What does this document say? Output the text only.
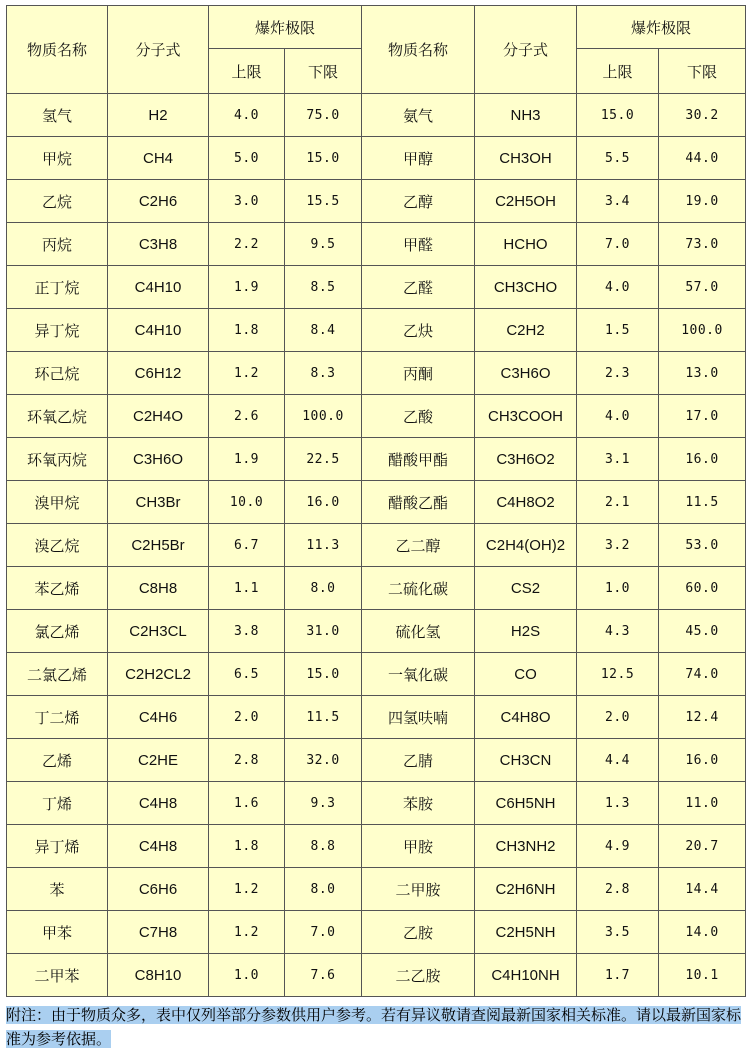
物质名称	分子式	爆炸极限		物质名称	分子式	爆炸极限	
		上限	下限			上限	下限
氢气	H2	4.0	75.0	氨气	NH3	15.0	30.2
甲烷	CH4	5.0	15.0	甲醇	CH3OH	5.5	44.0
乙烷	C2H6	3.0	15.5	乙醇	C2H5OH	3.4	19.0
丙烷	C3H8	2.2	9.5	甲醛	HCHO	7.0	73.0
正丁烷	C4H10	1.9	8.5	乙醛	CH3CHO	4.0	57.0
异丁烷	C4H10	1.8	8.4	乙炔	C2H2	1.5	100.0
环己烷	C6H12	1.2	8.3	丙酮	C3H6O	2.3	13.0
环氧乙烷	C2H4O	2.6	100.0	乙酸	CH3COOH	4.0	17.0
环氧丙烷	C3H6O	1.9	22.5	醋酸甲酯	C3H6O2	3.1	16.0
溴甲烷	CH3Br	10.0	16.0	醋酸乙酯	C4H8O2	2.1	11.5
溴乙烷	C2H5Br	6.7	11.3	乙二醇	C2H4(OH)2	3.2	53.0
苯乙烯	C8H8	1.1	8.0	二硫化碳	CS2	1.0	60.0
氯乙烯	C2H3CL	3.8	31.0	硫化氢	H2S	4.3	45.0
二氯乙烯	C2H2CL2	6.5	15.0	一氧化碳	CO	12.5	74.0
丁二烯	C4H6	2.0	11.5	四氢呋喃	C4H8O	2.0	12.4
乙烯	C2HE	2.8	32.0	乙腈	CH3CN	4.4	16.0
丁烯	C4H8	1.6	9.3	苯胺	C6H5NH	1.3	11.0
异丁烯	C4H8	1.8	8.8	甲胺	CH3NH2	4.9	20.7
苯	C6H6	1.2	8.0	二甲胺	C2H6NH	2.8	14.4
甲苯	C7H8	1.2	7.0	乙胺	C2H5NH	3.5	14.0
二甲苯	C8H10	1.0	7.6	二乙胺	C4H10NH	1.7	10.1
附注：由于物质众多，表中仅列举部分参数供用户参考。若有异议敬请查阅最新国家相关标准。请以最新国家标准为参考依据。
